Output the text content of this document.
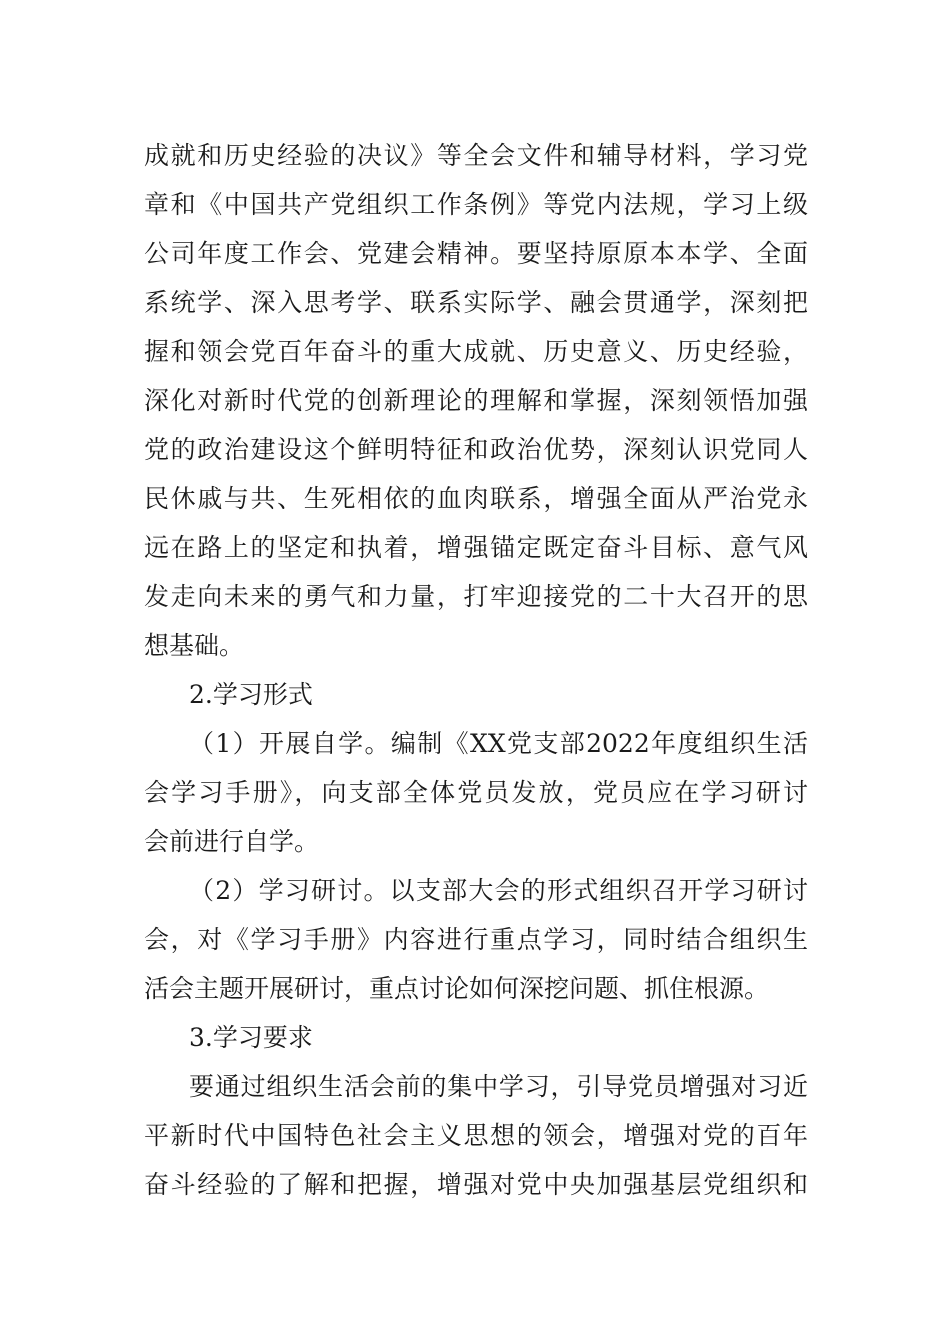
成就和历史经验的决议》等全会文件和辅导材料，学习党
章和《中国共产党组织工作条例》等党内法规，学习上级
公司年度工作会、党建会精神。要坚持原原本本学、全面
系统学、深入思考学、联系实际学、融会贯通学，深刻把
握和领会党百年奋斗的重大成就、历史意义、历史经验，
深化对新时代党的创新理论的理解和掌握，深刻领悟加强
党的政治建设这个鲜明特征和政治优势，深刻认识党同人
民休戚与共、生死相依的血肉联系，增强全面从严治党永
远在路上的坚定和执着，增强锚定既定奋斗目标、意气风
发走向未来的勇气和力量，打牢迎接党的二十大召开的思
想基础。
2.学习形式
（1）开展自学。编制《XX党支部2022年度组织生活
会学习手册》，向支部全体党员发放，党员应在学习研讨
会前进行自学。
（2）学习研讨。以支部大会的形式组织召开学习研讨
会，对《学习手册》内容进行重点学习，同时结合组织生
活会主题开展研讨，重点讨论如何深挖问题、抓住根源。
3.学习要求
要通过组织生活会前的集中学习，引导党员增强对习近
平新时代中国特色社会主义思想的领会，增强对党的百年
奋斗经验的了解和把握，增强对党中央加强基层党组织和
